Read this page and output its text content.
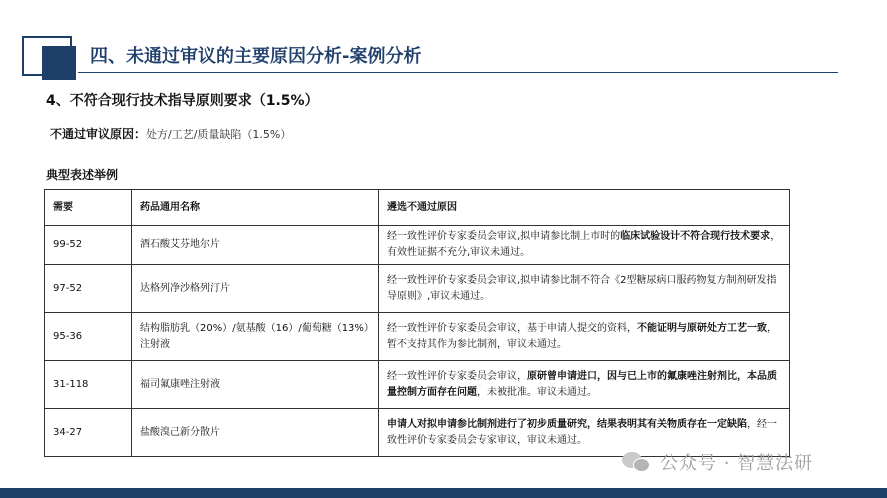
四、未通过审议的主要原因分析-案例分析
4、不符合现行技术指导原则要求（1.5%）
不通过审议原因：处方/工艺/质量缺陷（1.5%）
典型表述举例
需要	药品通用名称	遴选不通过原因
99-52	酒石酸艾芬地尔片	经一致性评价专家委员会审议,拟申请参比制上市时的临床试验设计不符合现行技术要求，有效性证据不充分,审议未通过。
97-52	达格列净沙格列汀片	经一致性评价专家委员会审议,拟申请参比制不符合《2型糖尿病口服药物复方制剂研发指导原则》,审议未通过。
95-36	结构脂肪乳（20%）/氨基酸（16）/葡萄糖（13%）注射液	经一致性评价专家委员会审议，基于申请人提交的资料，不能证明与原研处方工艺一致，暂不支持其作为参比制剂，审议未通过。
31-118	福司氟康唑注射液	经一致性评价专家委员会审议，原研曾申请进口，因与已上市的氟康唑注射剂比，本品质量控制方面存在问题，未被批准。审议未通过。
34-27	盐酸溴己新分散片	申请人对拟申请参比制剂进行了初步质量研究，结果表明其有关物质存在一定缺陷，经一致性评价专家委员会专家审议，审议未通过。
公众号 · 智慧法研
